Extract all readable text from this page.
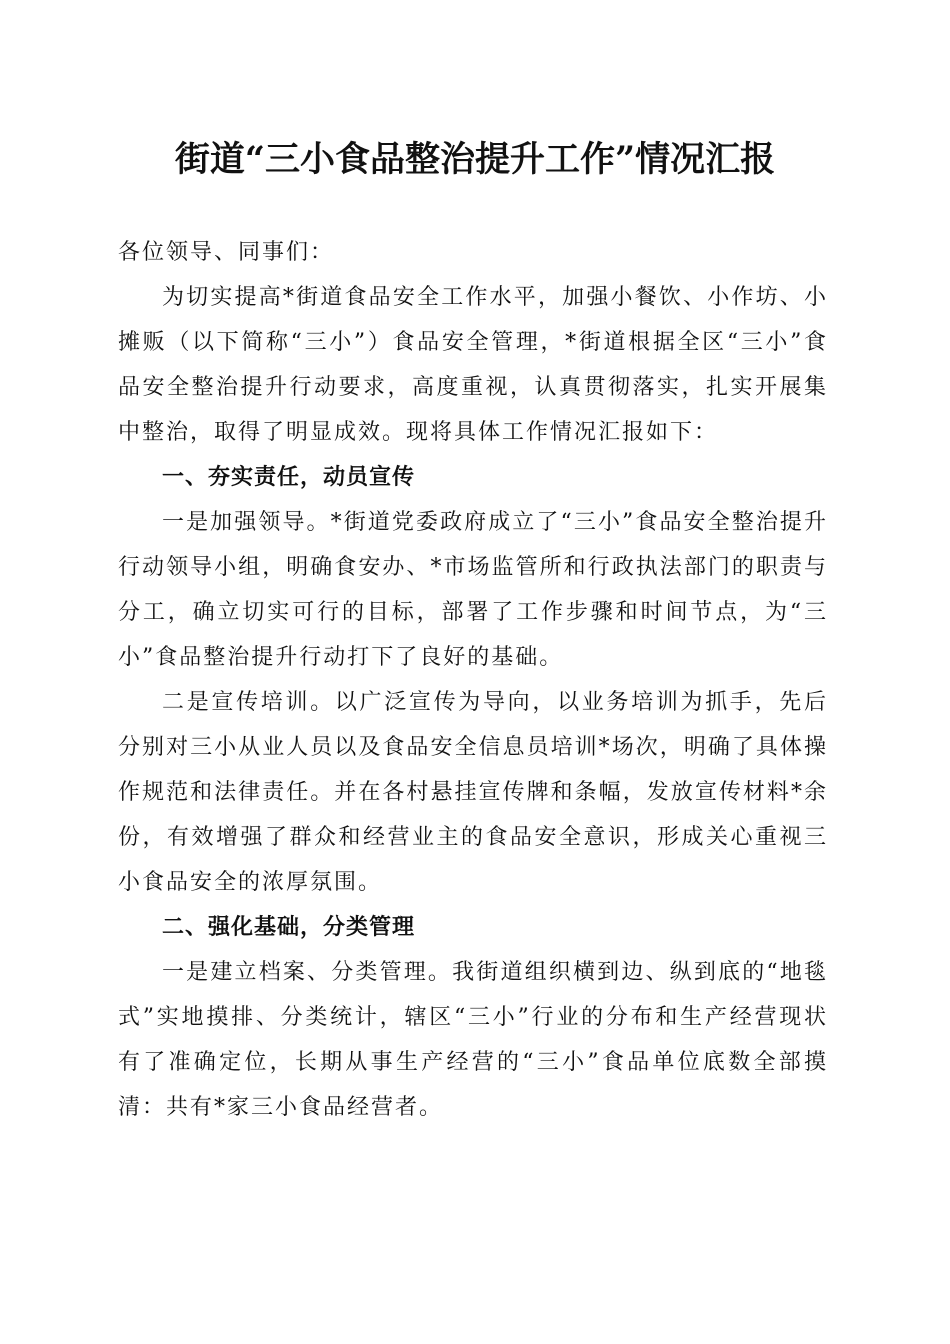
街道“三小食品整治提升工作”情况汇报

各位领导、同事们：

为切实提高*街道食品安全工作水平，加强小餐饮、小作坊、小摊贩（以下简称“三小”）食品安全管理，*街道根据全区“三小”食品安全整治提升行动要求，高度重视，认真贯彻落实，扎实开展集中整治，取得了明显成效。现将具体工作情况汇报如下：

一、夯实责任，动员宣传

一是加强领导。*街道党委政府成立了“三小”食品安全整治提升行动领导小组，明确食安办、*市场监管所和行政执法部门的职责与分工，确立切实可行的目标，部署了工作步骤和时间节点，为“三小”食品整治提升行动打下了良好的基础。

二是宣传培训。以广泛宣传为导向，以业务培训为抓手，先后分别对三小从业人员以及食品安全信息员培训*场次，明确了具体操作规范和法律责任。并在各村悬挂宣传牌和条幅，发放宣传材料*余份，有效增强了群众和经营业主的食品安全意识，形成关心重视三小食品安全的浓厚氛围。

二、强化基础，分类管理

一是建立档案、分类管理。我街道组织横到边、纵到底的“地毯式”实地摸排、分类统计，辖区“三小”行业的分布和生产经营现状有了准确定位，长期从事生产经营的“三小”食品单位底数全部摸清：共有*家三小食品经营者。
